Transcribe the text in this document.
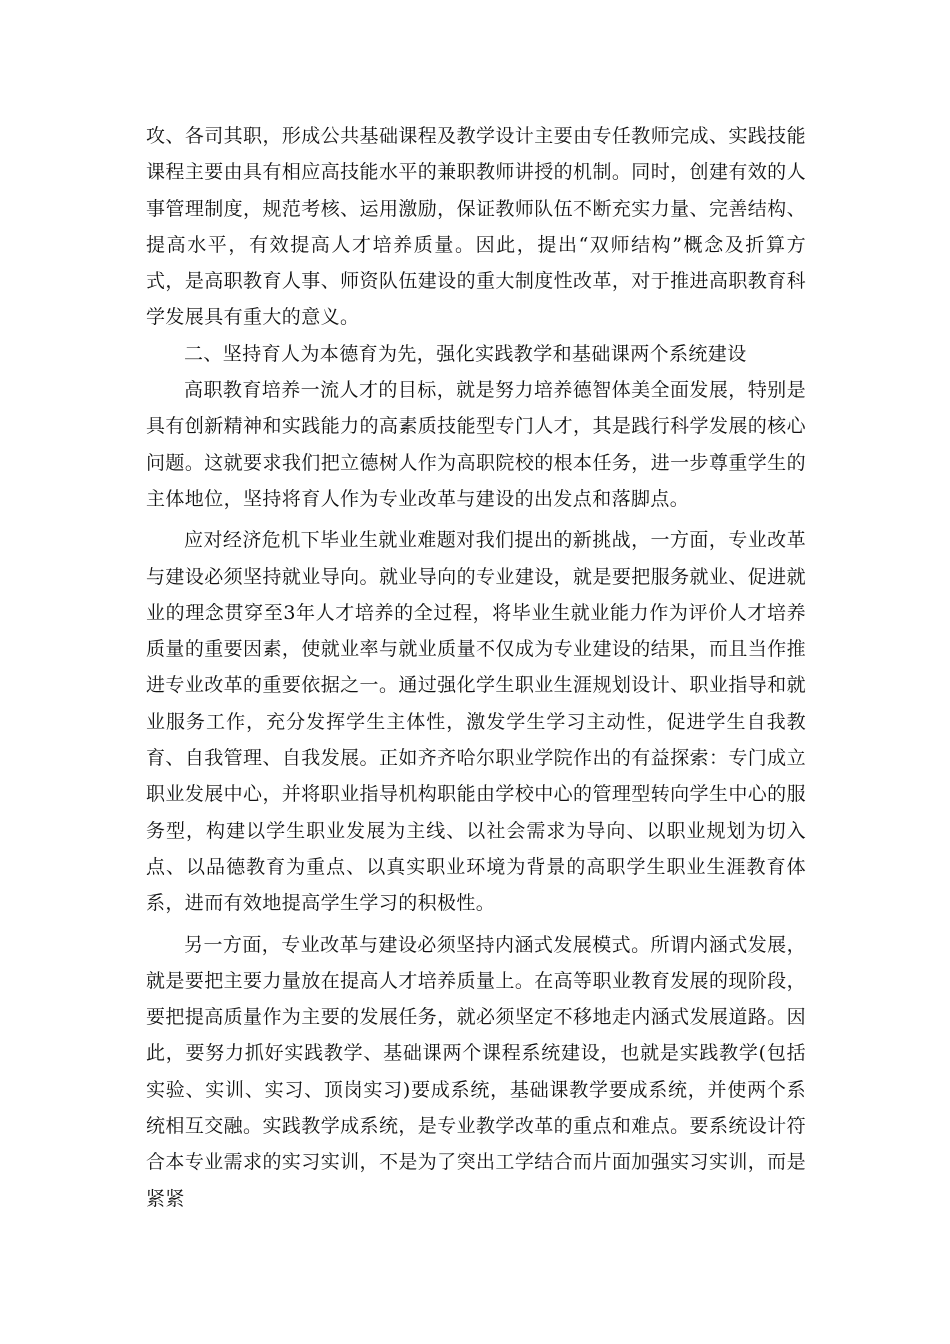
攻、各司其职，形成公共基础课程及教学设计主要由专任教师完成、实践技能课程主要由具有相应高技能水平的兼职教师讲授的机制。同时，创建有效的人事管理制度，规范考核、运用激励，保证教师队伍不断充实力量、完善结构、提高水平，有效提高人才培养质量。因此，提出“双师结构”概念及折算方式，是高职教育人事、师资队伍建设的重大制度性改革，对于推进高职教育科学发展具有重大的意义。

二、坚持育人为本德育为先，强化实践教学和基础课两个系统建设

高职教育培养一流人才的目标，就是努力培养德智体美全面发展，特别是具有创新精神和实践能力的高素质技能型专门人才，其是践行科学发展的核心问题。这就要求我们把立德树人作为高职院校的根本任务，进一步尊重学生的主体地位，坚持将育人作为专业改革与建设的出发点和落脚点。

应对经济危机下毕业生就业难题对我们提出的新挑战，一方面，专业改革与建设必须坚持就业导向。就业导向的专业建设，就是要把服务就业、促进就业的理念贯穿至3年人才培养的全过程，将毕业生就业能力作为评价人才培养质量的重要因素，使就业率与就业质量不仅成为专业建设的结果，而且当作推进专业改革的重要依据之一。通过强化学生职业生涯规划设计、职业指导和就业服务工作，充分发挥学生主体性，激发学生学习主动性，促进学生自我教育、自我管理、自我发展。正如齐齐哈尔职业学院作出的有益探索：专门成立职业发展中心，并将职业指导机构职能由学校中心的管理型转向学生中心的服务型，构建以学生职业发展为主线、以社会需求为导向、以职业规划为切入点、以品德教育为重点、以真实职业环境为背景的高职学生职业生涯教育体系，进而有效地提高学生学习的积极性。

另一方面，专业改革与建设必须坚持内涵式发展模式。所谓内涵式发展，就是要把主要力量放在提高人才培养质量上。在高等职业教育发展的现阶段，要把提高质量作为主要的发展任务，就必须坚定不移地走内涵式发展道路。因此，要努力抓好实践教学、基础课两个课程系统建设，也就是实践教学(包括实验、实训、实习、顶岗实习)要成系统，基础课教学要成系统，并使两个系统相互交融。实践教学成系统，是专业教学改革的重点和难点。要系统设计符合本专业需求的实习实训，不是为了突出工学结合而片面加强实习实训，而是紧紧
